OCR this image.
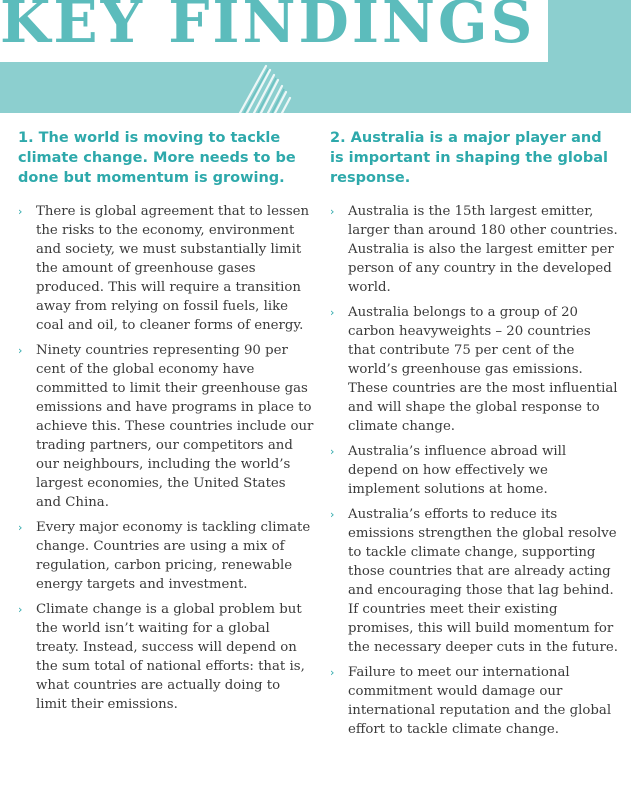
KEY FINDINGS
1. The world is moving to tackle climate change. More needs to be done but momentum is growing.
› There is global agreement that to lessen the risks to the economy, environment and society, we must substantially limit the amount of greenhouse gases produced. This will require a transition away from relying on fossil fuels, like coal and oil, to cleaner forms of energy.
› Ninety countries representing 90 per cent of the global economy have committed to limit their greenhouse gas emissions and have programs in place to achieve this. These countries include our trading partners, our competitors and our neighbours, including the world’s largest economies, the United States and China.
› Every major economy is tackling climate change. Countries are using a mix of regulation, carbon pricing, renewable energy targets and investment.
› Climate change is a global problem but the world isn’t waiting for a global treaty. Instead, success will depend on the sum total of national efforts: that is, what countries are actually doing to limit their emissions.
2. Australia is a major player and is important in shaping the global response.
› Australia is the 15th largest emitter, larger than around 180 other countries. Australia is also the largest emitter per person of any country in the developed world.
› Australia belongs to a group of 20 carbon heavyweights – 20 countries that contribute 75 per cent of the world’s greenhouse gas emissions. These countries are the most influential and will shape the global response to climate change.
› Australia’s influence abroad will depend on how effectively we implement solutions at home.
› Australia’s efforts to reduce its emissions strengthen the global resolve to tackle climate change, supporting those countries that are already acting and encouraging those that lag behind. If countries meet their existing promises, this will build momentum for the necessary deeper cuts in the future.
› Failure to meet our international commitment would damage our international reputation and the global effort to tackle climate change.
